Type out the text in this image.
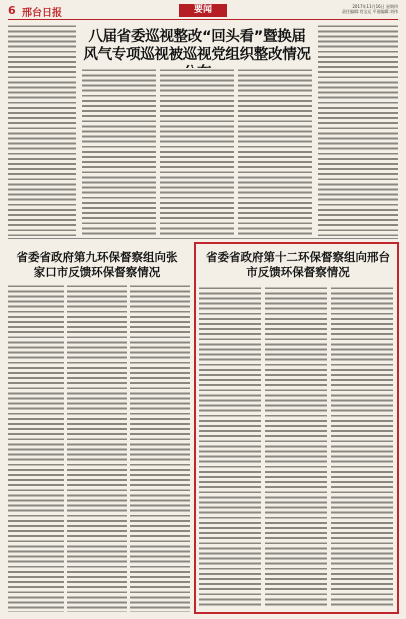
6 邢台日报	要闻	2017年11月16日 星期四
责任编辑:肖宝运 平面编辑:刘伟
八届省委巡视整改“回头看”暨换届风气专项巡视被巡视党组织整改情况
省委省政府第九环保督察组向张家口市反馈环保督察情况
省委省政府第十二环保督察组向邢台市反馈环保督察情况
